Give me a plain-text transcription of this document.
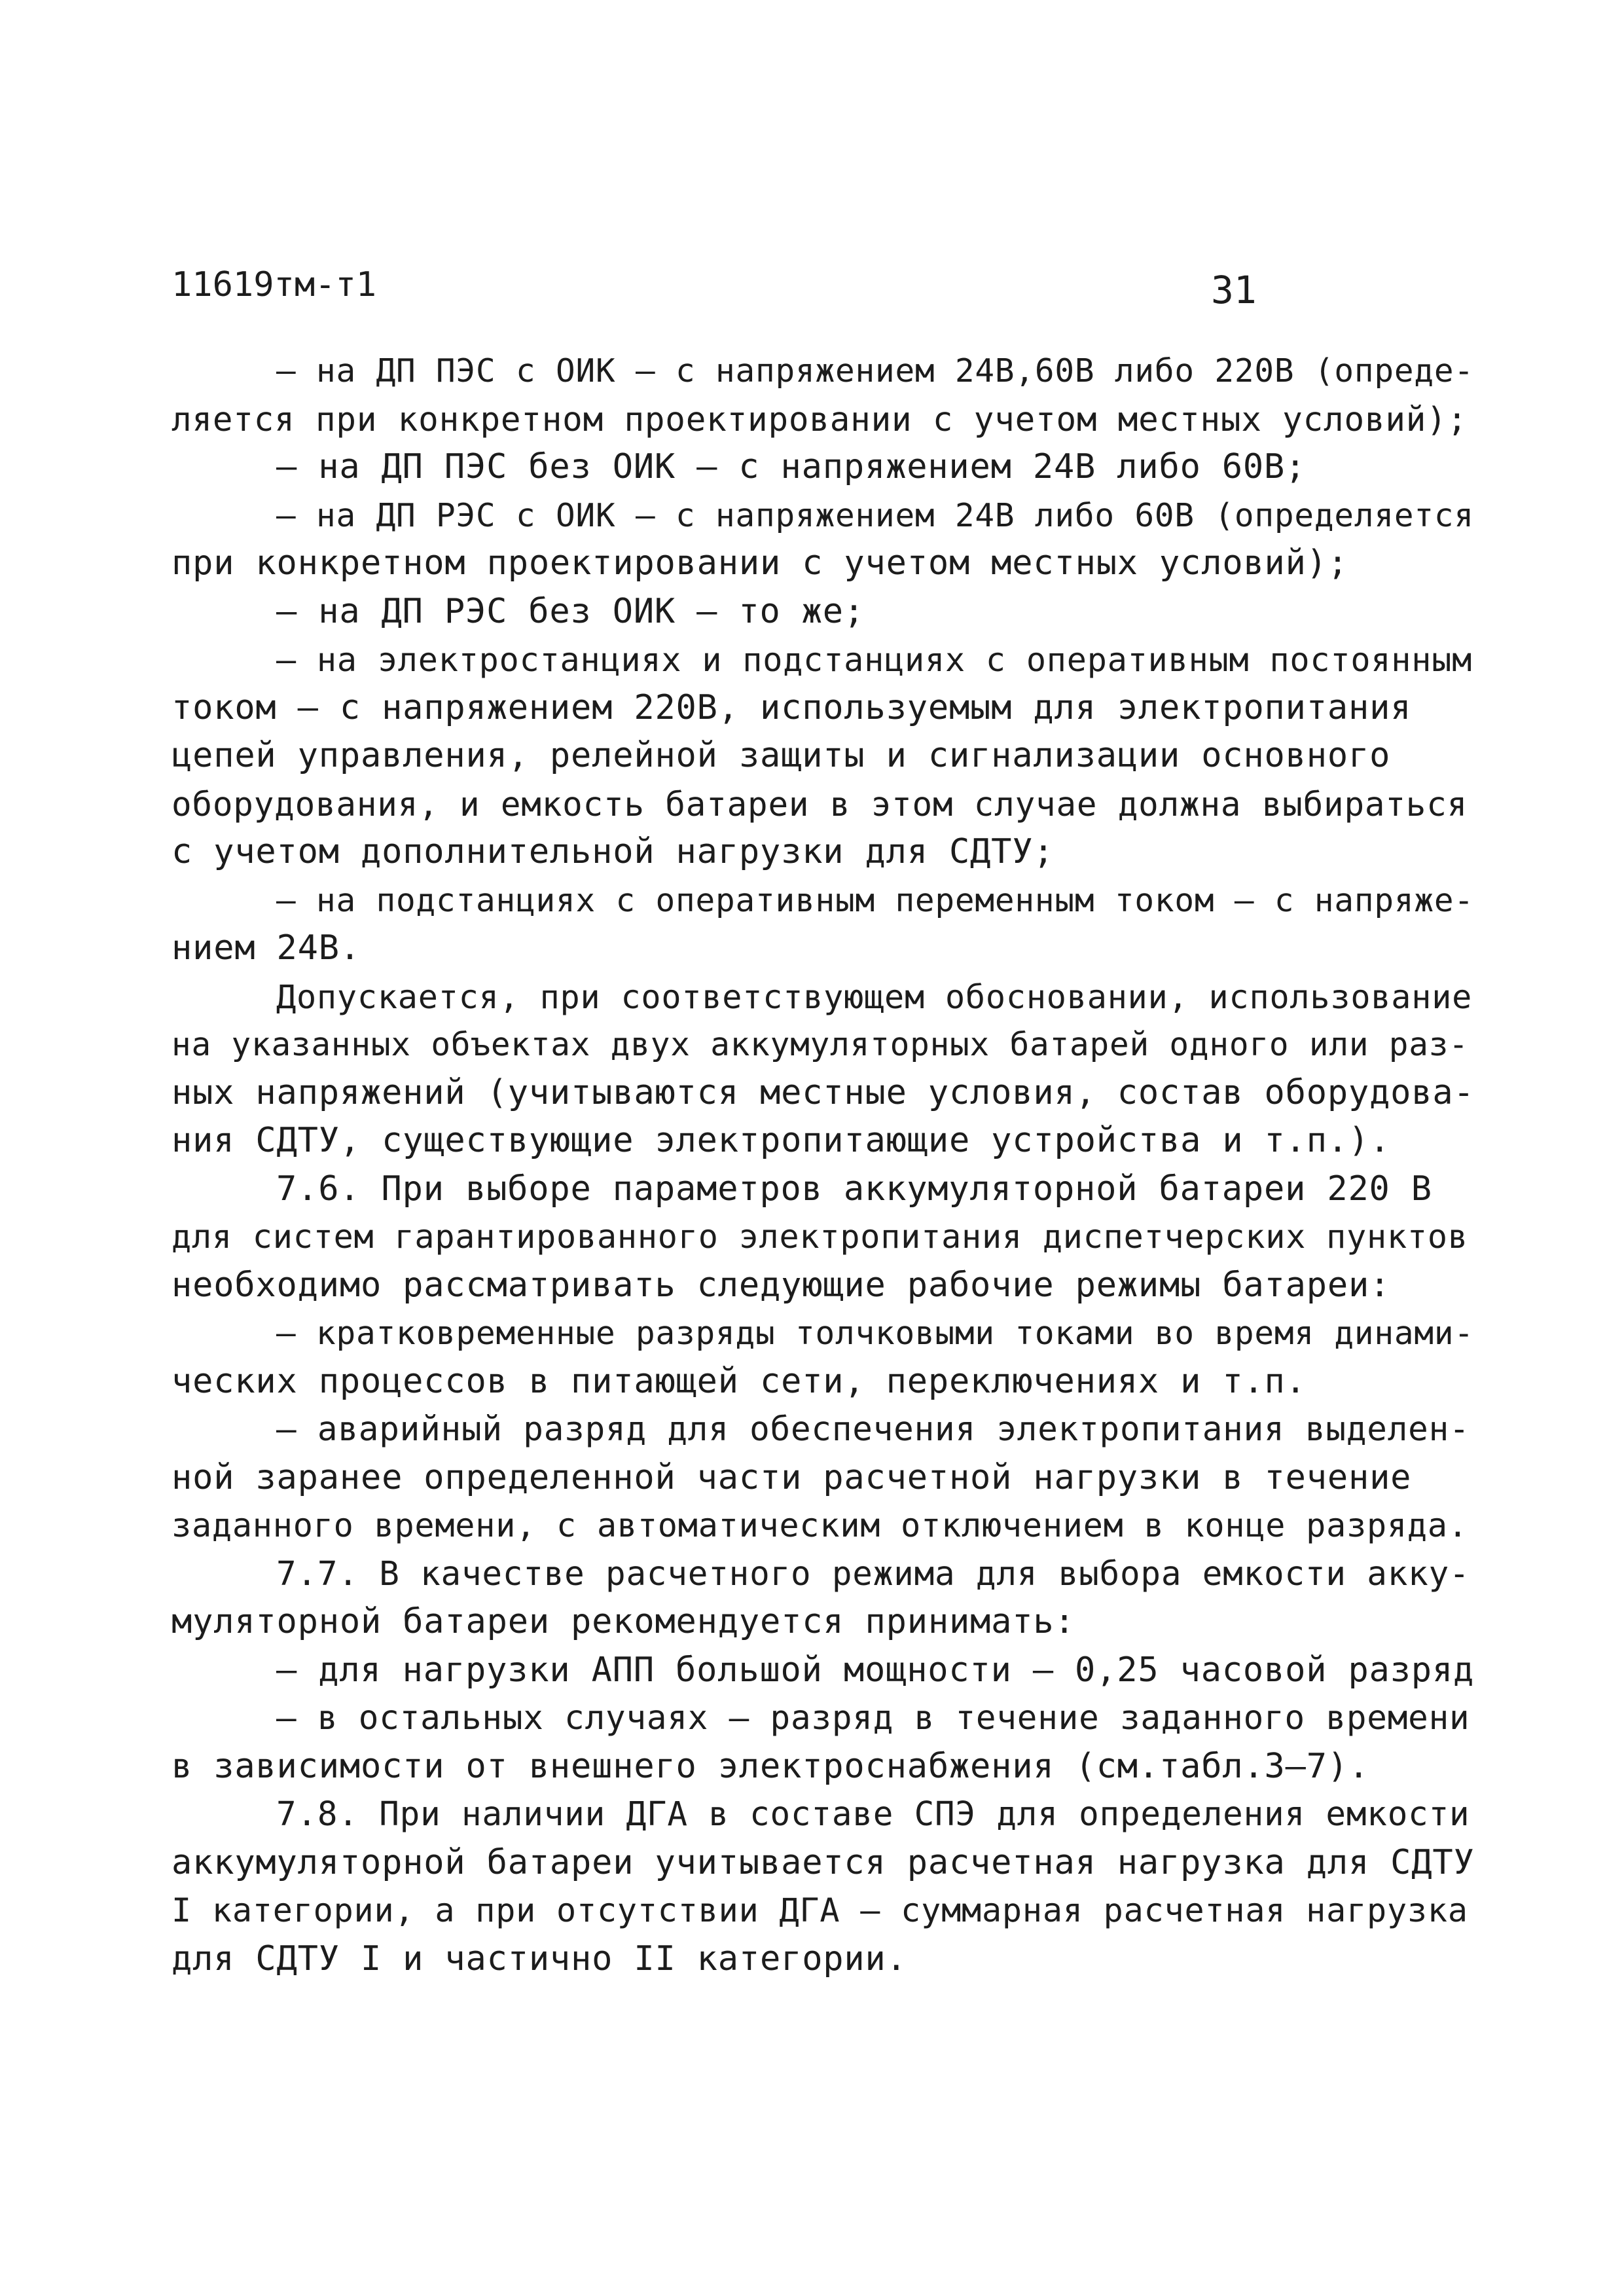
11619тм-т1	31
– на ДП ПЭС с ОИК – с напряжением 24В,60В либо 220В (опреде-
ляется при конкретном проектировании с учетом местных условий);
– на ДП ПЭС без ОИК – с напряжением 24В либо 60В;
– на ДП РЭС с ОИК – с напряжением 24В либо 60В (определяется
при конкретном проектировании с учетом местных условий);
– на ДП РЭС без ОИК – то же;
– на электростанциях и подстанциях с оперативным постоянным
током – с напряжением 220В, используемым для электропитания
цепей управления, релейной защиты и сигнализации основного
оборудования, и емкость батареи в этом случае должна выбираться
с учетом дополнительной нагрузки для СДТУ;
– на подстанциях с оперативным переменным током – с напряже-
нием 24В.
Допускается, при соответствующем обосновании, использование
на указанных объектах двух аккумуляторных батарей одного или раз-
ных напряжений (учитываются местные условия, состав оборудова-
ния СДТУ, существующие электропитающие устройства и т.п.).
7.6. При выборе параметров аккумуляторной батареи 220 В
для систем гарантированного электропитания диспетчерских пунктов
необходимо рассматривать следующие рабочие режимы батареи:
– кратковременные разряды толчковыми токами во время динами-
ческих процессов в питающей сети, переключениях и т.п.
– аварийный разряд для обеспечения электропитания выделен-
ной заранее определенной части расчетной нагрузки в течение
заданного времени, с автоматическим отключением в конце разряда.
7.7. В качестве расчетного режима для выбора емкости акку-
муляторной батареи рекомендуется принимать:
– для нагрузки АПП большой мощности – 0,25 часовой разряд
– в остальных случаях – разряд в течение заданного времени
в зависимости от внешнего электроснабжения (см.табл.3–7).
7.8. При наличии ДГА в составе СПЭ для определения емкости
аккумуляторной батареи учитывается расчетная нагрузка для СДТУ
I категории, а при отсутствии ДГА – суммарная расчетная нагрузка
для СДТУ I и частично II категории.
